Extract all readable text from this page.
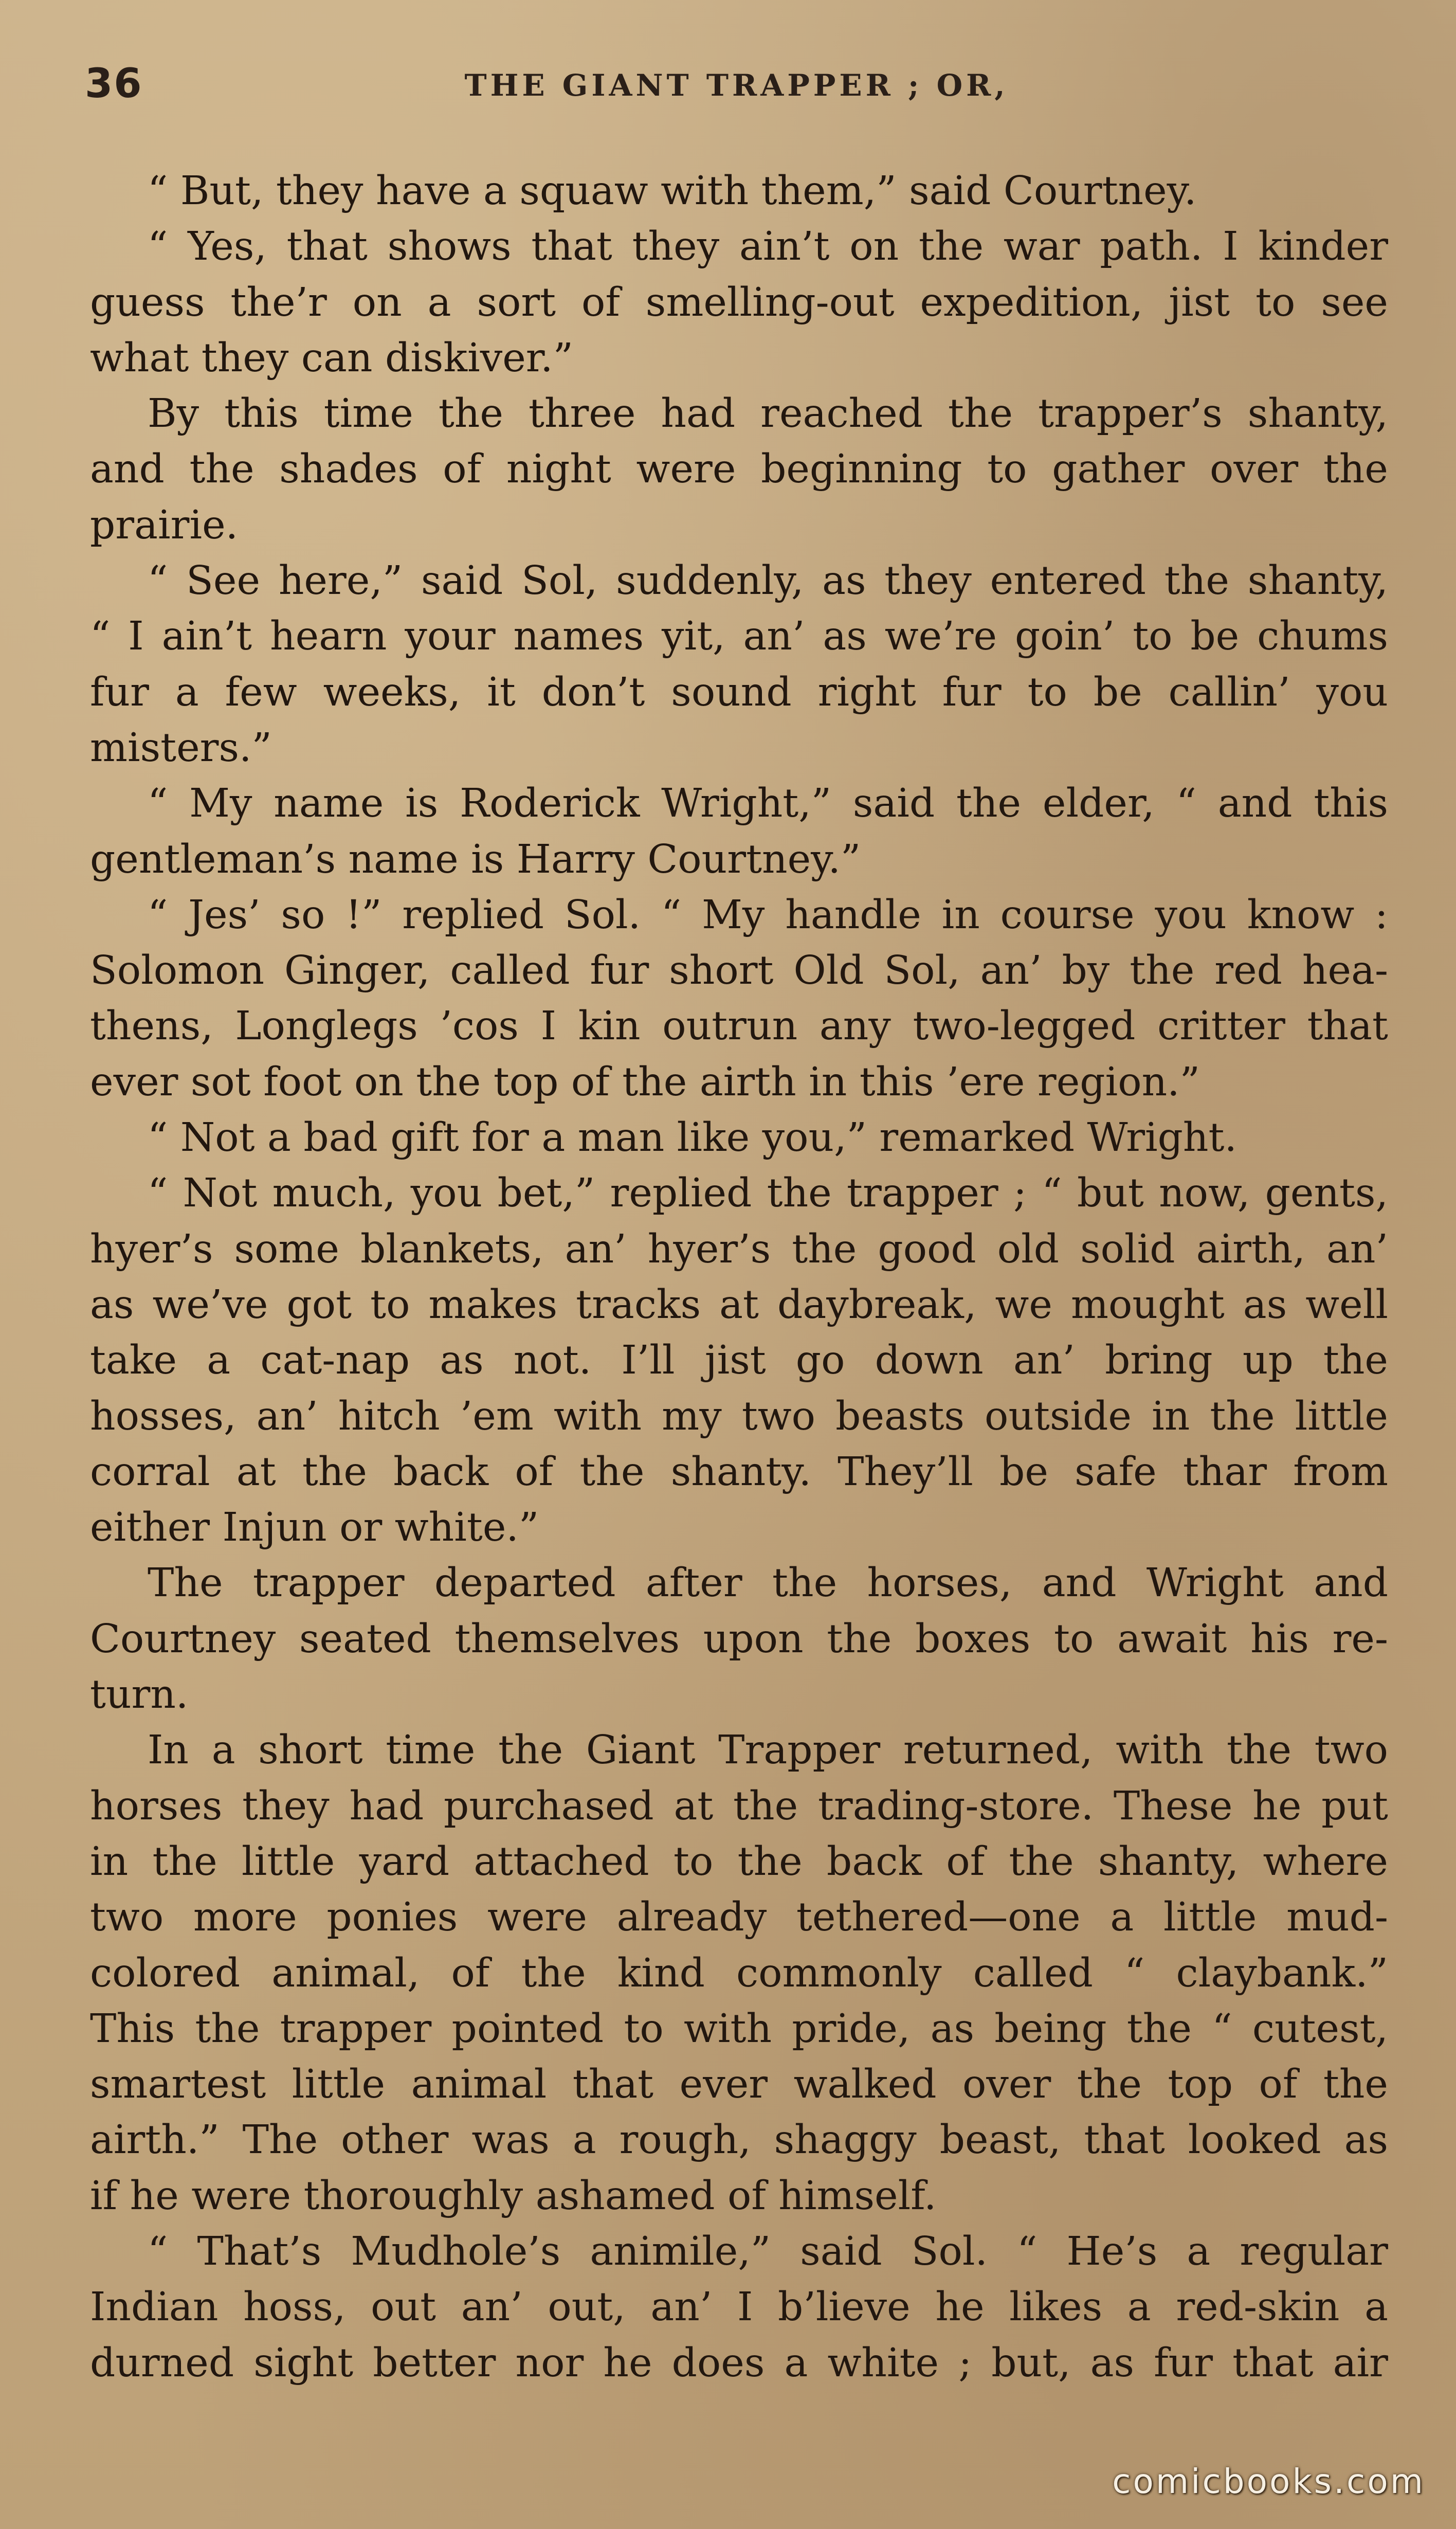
36	THE GIANT TRAPPER ; OR,
“ But, they have a squaw with them,” said Courtney.
“ Yes, that shows that they ain’t on the war path. I kinder
guess the’r on a sort of smelling-out expedition, jist to see
what they can diskiver.”
By this time the three had reached the trapper’s shanty,
and the shades of night were beginning to gather over the
prairie.
“ See here,” said Sol, suddenly, as they entered the shanty,
“ I ain’t hearn your names yit, an’ as we’re goin’ to be chums
fur a few weeks, it don’t sound right fur to be callin’ you
misters.”
“ My name is Roderick Wright,” said the elder, “ and this
gentleman’s name is Harry Courtney.”
“ Jes’ so !” replied Sol. “ My handle in course you know :
Solomon Ginger, called fur short Old Sol, an’ by the red hea-
thens, Longlegs ’cos I kin outrun any two-legged critter that
ever sot foot on the top of the airth in this ’ere region.”
“ Not a bad gift for a man like you,” remarked Wright.
“ Not much, you bet,” replied the trapper ; “ but now, gents,
hyer’s some blankets, an’ hyer’s the good old solid airth, an’
as we’ve got to makes tracks at daybreak, we mought as well
take a cat-nap as not. I’ll jist go down an’ bring up the
hosses, an’ hitch ’em with my two beasts outside in the little
corral at the back of the shanty. They’ll be safe thar from
either Injun or white.”
The trapper departed after the horses, and Wright and
Courtney seated themselves upon the boxes to await his re-
turn.
In a short time the Giant Trapper returned, with the two
horses they had purchased at the trading-store. These he put
in the little yard attached to the back of the shanty, where
two more ponies were already tethered—one a little mud-
colored animal, of the kind commonly called “ claybank.”
This the trapper pointed to with pride, as being the “ cutest,
smartest little animal that ever walked over the top of the
airth.” The other was a rough, shaggy beast, that looked as
if he were thoroughly ashamed of himself.
“ That’s Mudhole’s animile,” said Sol. “ He’s a regular
Indian hoss, out an’ out, an’ I b’lieve he likes a red-skin a
durned sight better nor he does a white ; but, as fur that air
comicbooks.com
